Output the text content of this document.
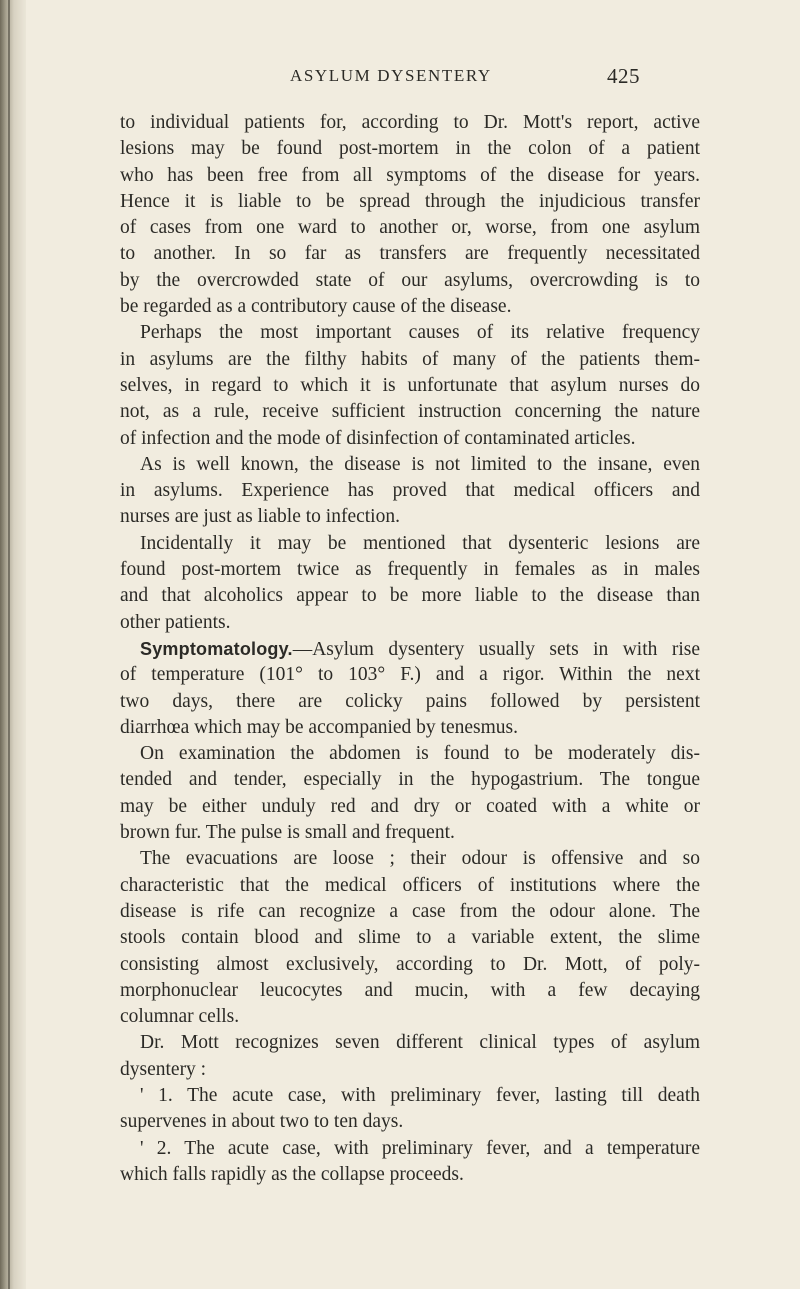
ASYLUM DYSENTERY	425
to individual patients for, according to Dr. Mott's report, active
lesions may be found post-mortem in the colon of a patient
who has been free from all symptoms of the disease for years.
Hence it is liable to be spread through the injudicious transfer
of cases from one ward to another or, worse, from one asylum
to another. In so far as transfers are frequently necessitated
by the overcrowded state of our asylums, overcrowding is to
be regarded as a contributory cause of the disease.
Perhaps the most important causes of its relative frequency
in asylums are the filthy habits of many of the patients them-
selves, in regard to which it is unfortunate that asylum nurses do
not, as a rule, receive sufficient instruction concerning the nature
of infection and the mode of disinfection of contaminated articles.
As is well known, the disease is not limited to the insane, even
in asylums. Experience has proved that medical officers and
nurses are just as liable to infection.
Incidentally it may be mentioned that dysenteric lesions are
found post-mortem twice as frequently in females as in males
and that alcoholics appear to be more liable to the disease than
other patients.
Symptomatology.—Asylum dysentery usually sets in with rise
of temperature (101° to 103° F.) and a rigor. Within the next
two days, there are colicky pains followed by persistent
diarrhœa which may be accompanied by tenesmus.
On examination the abdomen is found to be moderately dis-
tended and tender, especially in the hypogastrium. The tongue
may be either unduly red and dry or coated with a white or
brown fur. The pulse is small and frequent.
The evacuations are loose ; their odour is offensive and so
characteristic that the medical officers of institutions where the
disease is rife can recognize a case from the odour alone. The
stools contain blood and slime to a variable extent, the slime
consisting almost exclusively, according to Dr. Mott, of poly-
morphonuclear leucocytes and mucin, with a few decaying
columnar cells.
Dr. Mott recognizes seven different clinical types of asylum
dysentery :
' 1. The acute case, with preliminary fever, lasting till death
supervenes in about two to ten days.
' 2. The acute case, with preliminary fever, and a temperature
which falls rapidly as the collapse proceeds.
